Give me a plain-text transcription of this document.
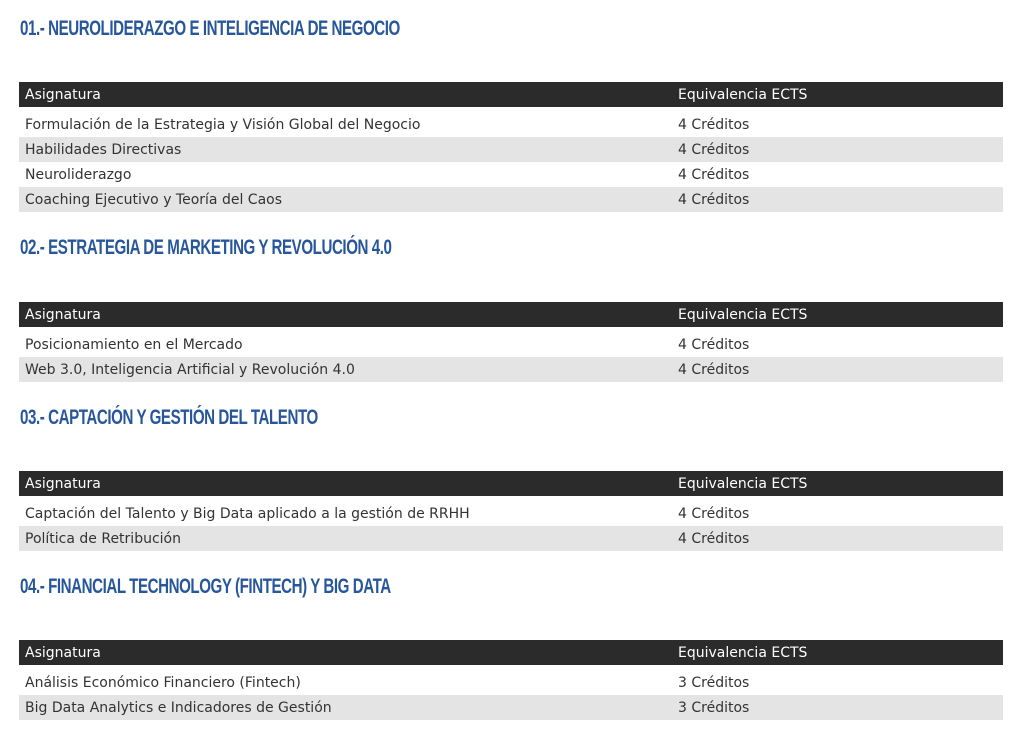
01.- NEUROLIDERAZGO E INTELIGENCIA DE NEGOCIO
Asignatura	Equivalencia ECTS
Formulación de la Estrategia y Visión Global del Negocio	4 Créditos
Habilidades Directivas	4 Créditos
Neuroliderazgo	4 Créditos
Coaching Ejecutivo y Teoría del Caos	4 Créditos
02.- ESTRATEGIA DE MARKETING Y REVOLUCIÓN 4.0
Asignatura	Equivalencia ECTS
Posicionamiento en el Mercado	4 Créditos
Web 3.0, Inteligencia Artificial y Revolución 4.0	4 Créditos
03.- CAPTACIÓN Y GESTIÓN DEL TALENTO
Asignatura	Equivalencia ECTS
Captación del Talento y Big Data aplicado a la gestión de RRHH	4 Créditos
Política de Retribución	4 Créditos
04.- FINANCIAL TECHNOLOGY (FINTECH) Y BIG DATA
Asignatura	Equivalencia ECTS
Análisis Económico Financiero (Fintech)	3 Créditos
Big Data Analytics e Indicadores de Gestión	3 Créditos
